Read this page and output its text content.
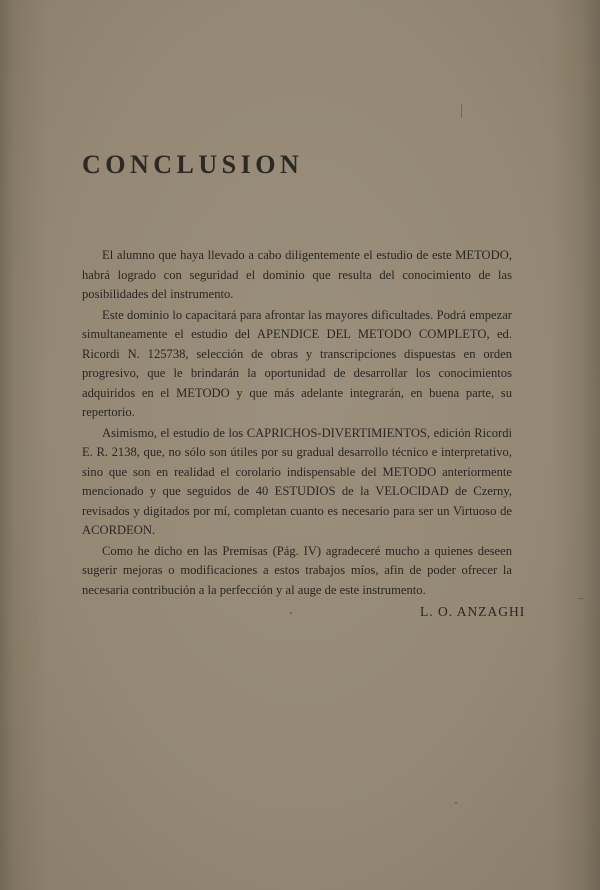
CONCLUSION

El alumno que haya llevado a cabo diligentemente el estudio de este METODO, habrá logrado con seguridad el dominio que resulta del conocimiento de las posibilidades del instrumento.

Este dominio lo capacitará para afrontar las mayores dificultades. Podrá empezar simultaneamente el estudio del APENDICE DEL METODO COMPLETO, ed. Ricordi N. 125738, selección de obras y transcripciones dispuestas en orden progresivo, que le brindarán la oportunidad de desarrollar los conocimientos adquiridos en el METODO y que más adelante integrarán, en buena parte, su repertorio.

Asimismo, el estudio de los CAPRICHOS-DIVERTIMIENTOS, edición Ricordi E. R. 2138, que, no sólo son útiles por su gradual desarrollo técnico e interpretativo, sino que son en realidad el corolario indispensable del METODO anteriormente mencionado y que seguidos de 40 ESTUDIOS de la VELOCIDAD de Czerny, revisados y digitados por mí, completan cuanto es necesario para ser un Virtuoso de ACORDEON.

Como he dicho en las Premisas (Pág. IV) agradeceré mucho a quienes deseen sugerir mejoras o modificaciones a estos trabajos míos, afin de poder ofrecer la necesaria contribución a la perfección y al auge de este instrumento.

L. O. ANZAGHI
